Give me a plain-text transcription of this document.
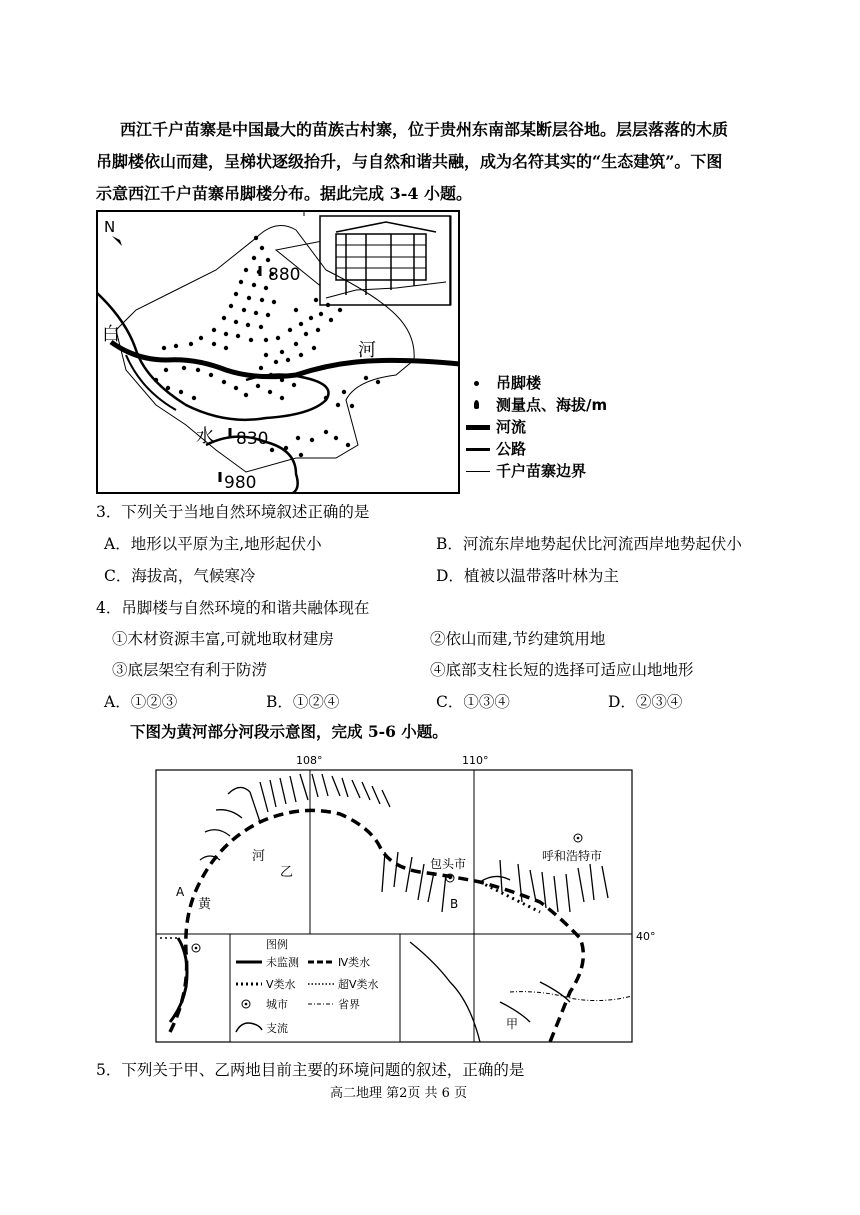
西江千户苗寨是中国最大的苗族古村寨，位于贵州东南部某断层谷地。层层落落的木质
吊脚楼依山而建，呈梯状逐级抬升，与自然和谐共融，成为名符其实的“生态建筑”。下图
示意西江千户苗寨吊脚楼分布。据此完成 3-4 小题。
N
880
830
980
白
水
河
吊脚楼
测量点、海拔/m
河流
公路
千户苗寨边界
3．下列关于当地自然环境叙述正确的是
A．地形以平原为主,地形起伏小	B．河流东岸地势起伏比河流西岸地势起伏小
C．海拔高，气候寒冷	D．植被以温带落叶林为主
4．吊脚楼与自然环境的和谐共融体现在
①木材资源丰富,可就地取材建房	②依山而建,节约建筑用地
③底层架空有利于防涝	④底部支柱长短的选择可适应山地地形
A．①②③	B．①②④	C．①③④	D．②③④
下图为黄河部分河段示意图，完成 5-6 小题。
108°	110°
40°
包头市
呼和浩特市
河
乙
A
黄	B
甲
图例
未监测	Ⅳ类水
Ⅴ类水	超Ⅴ类水
城市	省界
支流
5．下列关于甲、乙两地目前主要的环境问题的叙述，正确的是
高二地理 第2页 共 6 页
